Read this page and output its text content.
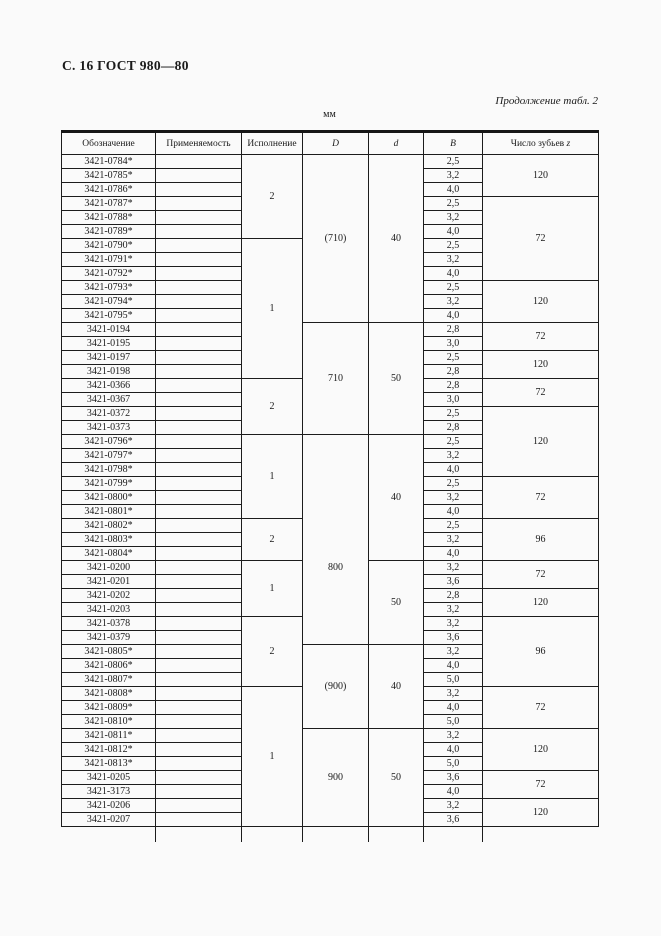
С. 16 ГОСТ 980—80
Продолжение табл. 2
мм
Обозначение	Применяемость	Исполнение	D	d	B	Число зубьев z
3421-0784*		2	(710)	40	2,5	120
3421-0785*					3,2	
3421-0786*					4,0	
3421-0787*					2,5	72
3421-0788*					3,2	
3421-0789*					4,0	
3421-0790*		1			2,5	
3421-0791*					3,2	
3421-0792*					4,0	
3421-0793*					2,5	120
3421-0794*					3,2	
3421-0795*					4,0	
3421-0194			710	50	2,8	72
3421-0195					3,0	
3421-0197					2,5	120
3421-0198					2,8	
3421-0366		2			2,8	72
3421-0367					3,0	
3421-0372					2,5	120
3421-0373					2,8	
3421-0796*		1	800	40	2,5	
3421-0797*					3,2	
3421-0798*					4,0	
3421-0799*					2,5	72
3421-0800*					3,2	
3421-0801*					4,0	
3421-0802*		2			2,5	96
3421-0803*					3,2	
3421-0804*					4,0	
3421-0200		1		50	3,2	72
3421-0201					3,6	
3421-0202					2,8	120
3421-0203					3,2	
3421-0378		2			3,2	96
3421-0379					3,6	
3421-0805*			(900)	40	3,2	
3421-0806*					4,0	
3421-0807*					5,0	
3421-0808*		1			3,2	72
3421-0809*					4,0	
3421-0810*					5,0	
3421-0811*			900	50	3,2	120
3421-0812*					4,0	
3421-0813*					5,0	
3421-0205					3,6	72
3421-3173					4,0	
3421-0206					3,2	120
3421-0207					3,6	
